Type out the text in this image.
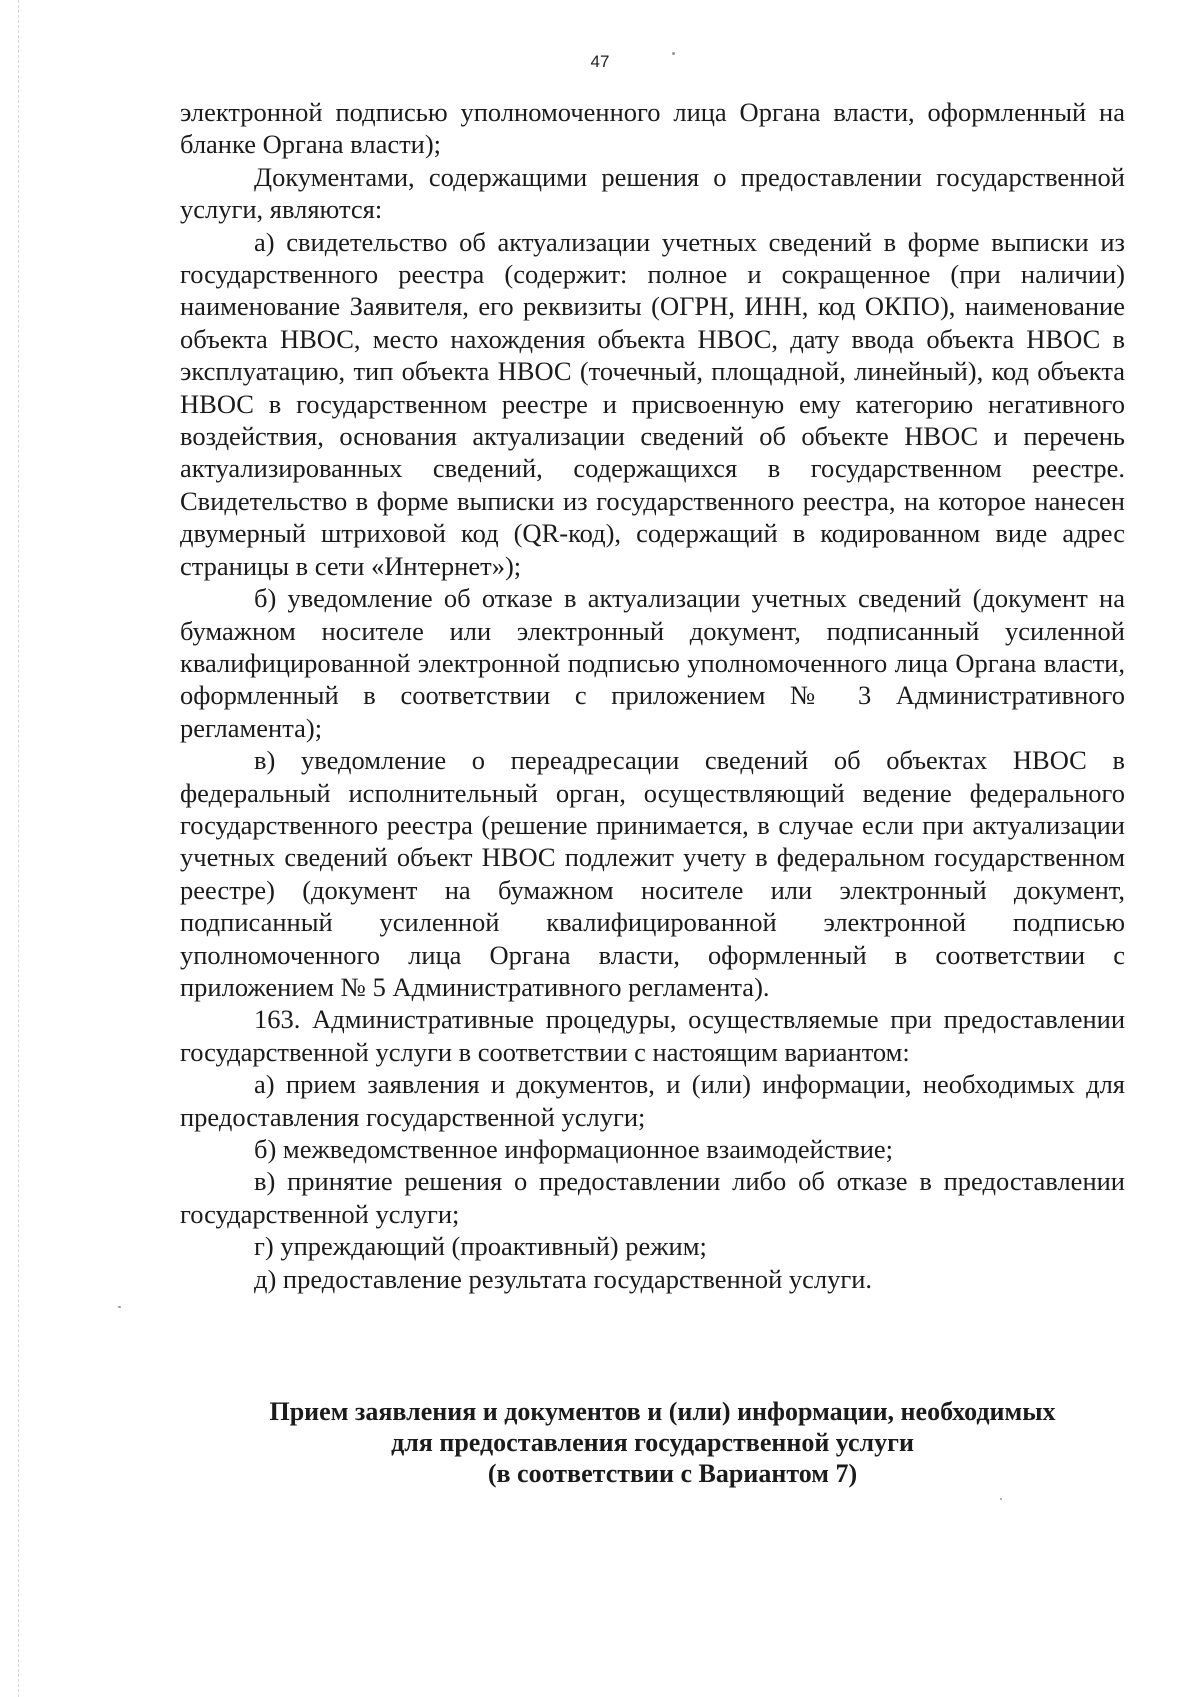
47

электронной подписью уполномоченного лица Органа власти, оформленный на бланке Органа власти);

Документами, содержащими решения о предоставлении государственной услуги, являются:

а) свидетельство об актуализации учетных сведений в форме выписки из государственного реестра (содержит: полное и сокращенное (при наличии) наименование Заявителя, его реквизиты (ОГРН, ИНН, код ОКПО), наименование объекта НВОС, место нахождения объекта НВОС, дату ввода объекта НВОС в эксплуатацию, тип объекта НВОС (точечный, площадной, линейный), код объекта НВОС в государственном реестре и присвоенную ему категорию негативного воздействия, основания актуализации сведений об объекте НВОС и перечень актуализированных сведений, содержащихся в государственном реестре. Свидетельство в форме выписки из государственного реестра, на которое нанесен двумерный штриховой код (QR-код), содержащий в кодированном виде адрес страницы в сети «Интернет»);

б) уведомление об отказе в актуализации учетных сведений (документ на бумажном носителе или электронный документ, подписанный усиленной квалифицированной электронной подписью уполномоченного лица Органа власти, оформленный в соответствии с приложением № 3 Административного регламента);

в) уведомление о переадресации сведений об объектах НВОС в федеральный исполнительный орган, осуществляющий ведение федерального государственного реестра (решение принимается, в случае если при актуализации учетных сведений объект НВОС подлежит учету в федеральном государственном реестре) (документ на бумажном носителе или электронный документ, подписанный усиленной квалифицированной электронной подписью уполномоченного лица Органа власти, оформленный в соответствии с приложением № 5 Административного регламента).

163. Административные процедуры, осуществляемые при предоставлении государственной услуги в соответствии с настоящим вариантом:

а) прием заявления и документов, и (или) информации, необходимых для предоставления государственной услуги;

б) межведомственное информационное взаимодействие;

в) принятие решения о предоставлении либо об отказе в предоставлении государственной услуги;

г) упреждающий (проактивный) режим;

д) предоставление результата государственной услуги.

Прием заявления и документов и (или) информации, необходимых
для предоставления государственной услуги
(в соответствии с Вариантом 7)
